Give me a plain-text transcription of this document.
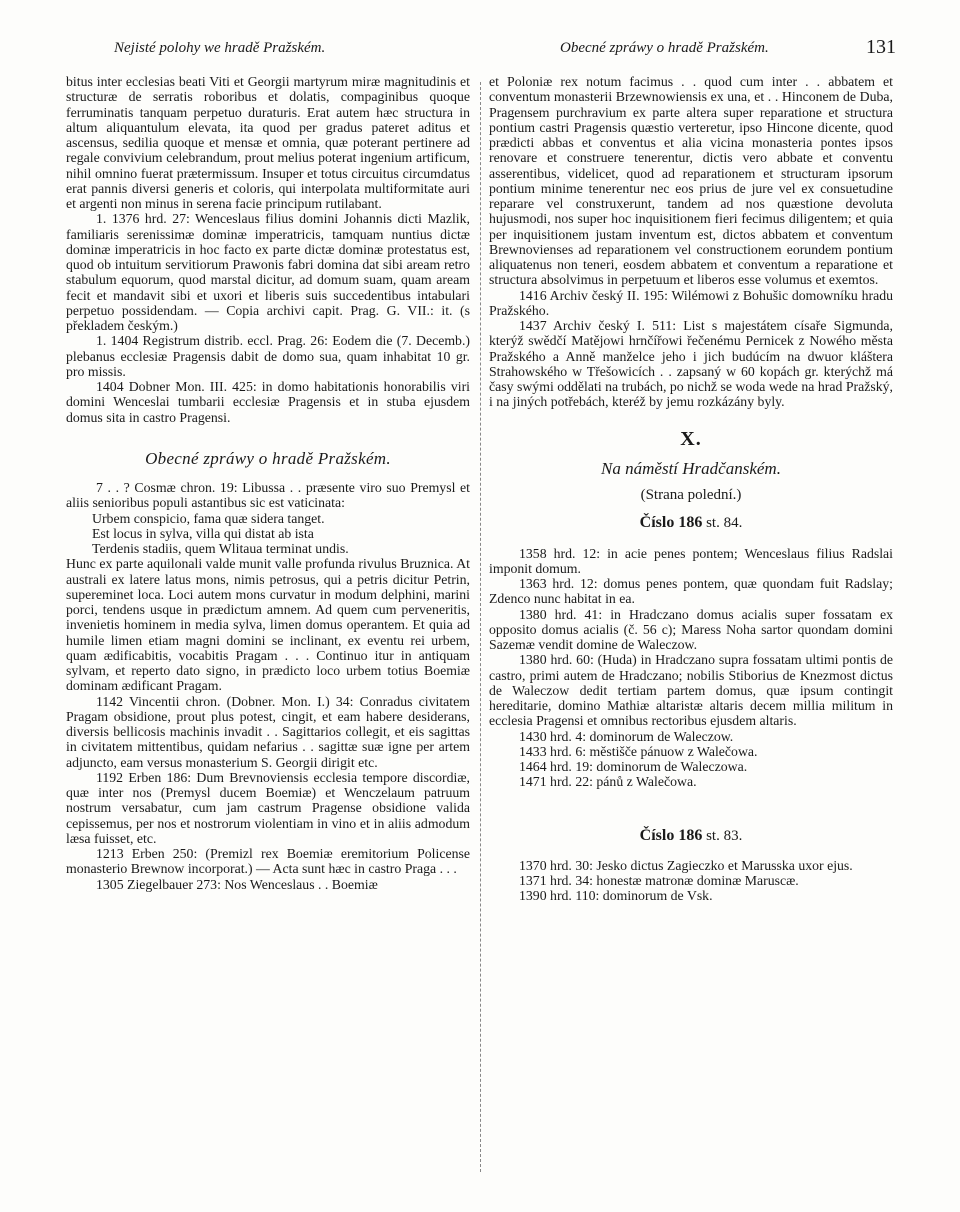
Nejisté polohy we hradě Pražském.	Obecné zpráwy o hradě Pražském.	131

bitus inter ecclesias beati Viti et Georgii martyrum miræ magnitudinis et structuræ de serratis roboribus et dolatis, compaginibus quoque ferruminatis tanquam perpetuo duraturis. Erat autem hæc structura in altum aliquantulum elevata, ita quod per gradus pateret aditus et ascensus, sedilia quoque et mensæ et omnia, quæ poterant pertinere ad regale convivium celebrandum, prout melius poterat ingenium artificum, nihil omnino fuerat prætermissum. Insuper et totus circuitus circumdatus erat pannis diversi generis et coloris, qui interpolata multiformitate auri et argenti non minus in serena facie principum rutilabant.

1. 1376 hrd. 27: Wenceslaus filius domini Johannis dicti Mazlik, familiaris serenissimæ dominæ imperatricis, tamquam nuntius dictæ dominæ imperatricis in hoc facto ex parte dictæ dominæ protestatus est, quod ob intuitum servitiorum Prawonis fabri domina dat sibi aream retro stabulum equorum, quod marstal dicitur, ad domum suam, quam aream fecit et mandavit sibi et uxori et liberis suis succedentibus intabulari perpetuo possidendam. — Copia archivi capit. Prag. G. VII.: it. (s překladem českým.)

1. 1404 Registrum distrib. eccl. Prag. 26: Eodem die (7. Decemb.) plebanus ecclesiæ Pragensis dabit de domo sua, quam inhabitat 10 gr. pro missis.

1404 Dobner Mon. III. 425: in domo habitationis honorabilis viri domini Wenceslai tumbarii ecclesiæ Pragensis et in stuba ejusdem domus sita in castro Pragensi.

Obecné zpráwy o hradě Pražském.

7 . . ? Cosmæ chron. 19: Libussa . . præsente viro suo Premysl et aliis senioribus populi astantibus sic est vaticinata:

Urbem conspicio, fama quæ sidera tanget.

Est locus in sylva, villa qui distat ab ista

Terdenis stadiis, quem Wlitaua terminat undis.

Hunc ex parte aquilonali valde munit valle profunda rivulus Bruznica. At australi ex latere latus mons, nimis petrosus, qui a petris dicitur Petrin, supereminet loca. Loci autem mons curvatur in modum delphini, marini porci, tendens usque in prædictum amnem. Ad quem cum perveneritis, invenietis hominem in media sylva, limen domus operantem. Et quia ad humile limen etiam magni domini se inclinant, ex eventu rei urbem, quam ædificabitis, vocabitis Pragam . . . Continuo itur in antiquam sylvam, et reperto dato signo, in prædicto loco urbem totius Boemiæ dominam ædificant Pragam.

1142 Vincentii chron. (Dobner. Mon. I.) 34: Conradus civitatem Pragam obsidione, prout plus potest, cingit, et eam habere desiderans, diversis bellicosis machinis invadit . . Sagittarios collegit, et eis sagittas in civitatem mittentibus, quidam nefarius . . sagittæ suæ igne per artem adjuncto, eam versus monasterium S. Georgii dirigit etc.

1192 Erben 186: Dum Brevnoviensis ecclesia tempore discordiæ, quæ inter nos (Premysl ducem Boemiæ) et Wenczelaum patruum nostrum versabatur, cum jam castrum Pragense obsidione valida cepissemus, per nos et nostrorum violentiam in vino et in aliis admodum læsa fuisset, etc.

1213 Erben 250: (Premizl rex Boemiæ eremitorium Policense monasterio Brewnow incorporat.) — Acta sunt hæc in castro Praga . . .

1305 Ziegelbauer 273: Nos Wenceslaus . . Boemiæ

et Poloniæ rex notum facimus . . quod cum inter . . abbatem et conventum monasterii Brzewnowiensis ex una, et . . Hinconem de Duba, Pragensem purchravium ex parte altera super reparatione et structura pontium castri Pragensis quæstio verteretur, ipso Hincone dicente, quod prædicti abbas et conventus et alia vicina monasteria pontes ipsos renovare et construere tenerentur, dictis vero abbate et conventu asserentibus, videlicet, quod ad reparationem et structuram ipsorum pontium minime tenerentur nec eos prius de jure vel ex consuetudine reparare vel construxerunt, tandem ad nos quæstione devoluta hujusmodi, nos super hoc inquisitionem fieri fecimus diligentem; et quia per inquisitionem justam inventum est, dictos abbatem et conventum Brewnovienses ad reparationem vel constructionem eorundem pontium aliquatenus non teneri, eosdem abbatem et conventum a reparatione et structura absolvimus in perpetuum et liberos esse volumus et exemtos.

1416 Archiv český II. 195: Wilémowi z Bohušic domowníku hradu Pražského.

1437 Archiv český I. 511: List s majestátem císaře Sigmunda, kterýž swědčí Matějowi hrnčířowi řečenému Pernicek z Nowého města Pražského a Anně manželce jeho i jich budúcím na dwuor kláštera Strahowského w Třešowicích . . zapsaný w 60 kopách gr. kterýchž má časy swými oddělati na trubách, po nichž se woda wede na hrad Pražský, i na jiných potřebách, kteréž by jemu rozkázány byly.

X.
Na náměstí Hradčanském.
(Strana polední.)
Číslo 186 st. 84.

1358 hrd. 12: in acie penes pontem; Wenceslaus filius Radslai imponit domum.

1363 hrd. 12: domus penes pontem, quæ quondam fuit Radslay; Zdenco nunc habitat in ea.

1380 hrd. 41: in Hradczano domus acialis super fossatam ex opposito domus acialis (č. 56 c); Maress Noha sartor quondam domini Sazemæ vendit domine de Waleczow.

1380 hrd. 60: (Huda) in Hradczano supra fossatam ultimi pontis de castro, primi autem de Hradczano; nobilis Stiborius de Knezmost dictus de Waleczow dedit tertiam partem domus, quæ ipsum contingit hereditarie, domino Mathiæ altaristæ altaris decem millia militum in ecclesia Pragensi et omnibus rectoribus ejusdem altaris.

1430 hrd. 4: dominorum de Waleczow.

1433 hrd. 6: městišče pánuow z Walečowa.

1464 hrd. 19: dominorum de Waleczowa.

1471 hrd. 22: pánů z Walečowa.

Číslo 186 st. 83.

1370 hrd. 30: Jesko dictus Zagieczko et Marusska uxor ejus.

1371 hrd. 34: honestæ matronæ dominæ Maruscæ.

1390 hrd. 110: dominorum de Vsk.
